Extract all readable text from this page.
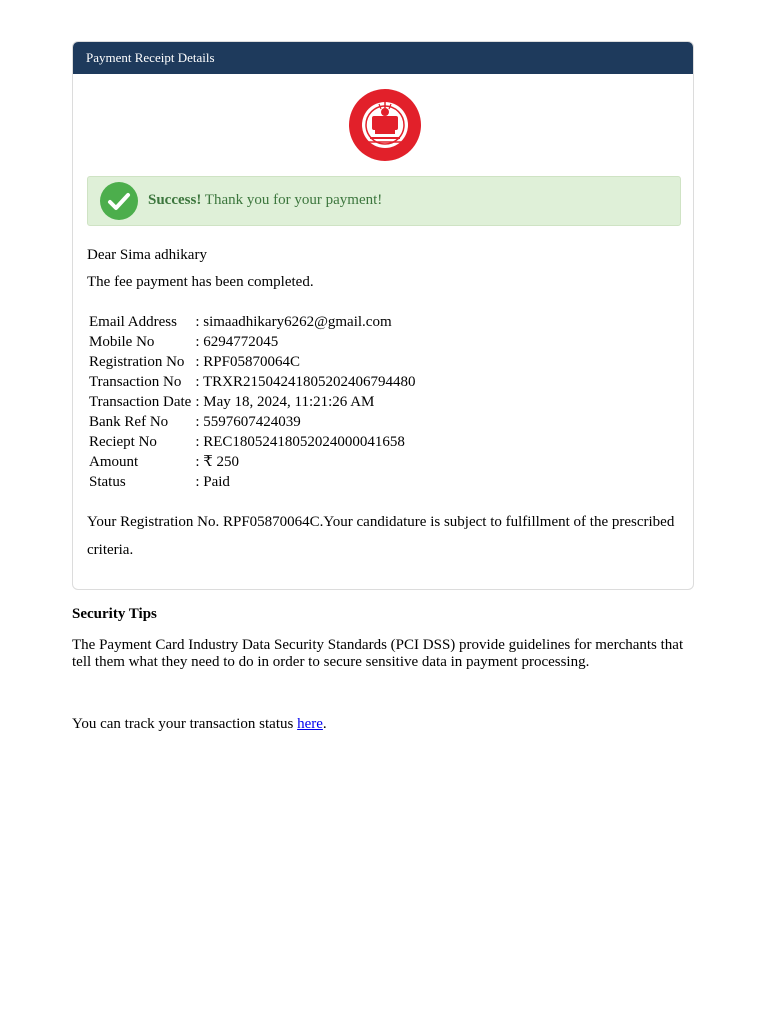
Payment Receipt Details
Success! Thank you for your payment!
Dear Sima adhikary
The fee payment has been completed.
Email Address	: simaadhikary6262@gmail.com
Mobile No	: 6294772045
Registration No	: RPF05870064C
Transaction No	: TRXR21504241805202406794480
Transaction Date	: May 18, 2024, 11:21:26 AM
Bank Ref No	: 5597607424039
Reciept No	: REC18052418052024000041658
Amount	: ₹ 250
Status	: Paid
Your Registration No. RPF05870064C.Your candidature is subject to fulfillment of the prescribed criteria.
Security Tips
The Payment Card Industry Data Security Standards (PCI DSS) provide guidelines for merchants that tell them what they need to do in order to secure sensitive data in payment processing.
You can track your transaction status here.
